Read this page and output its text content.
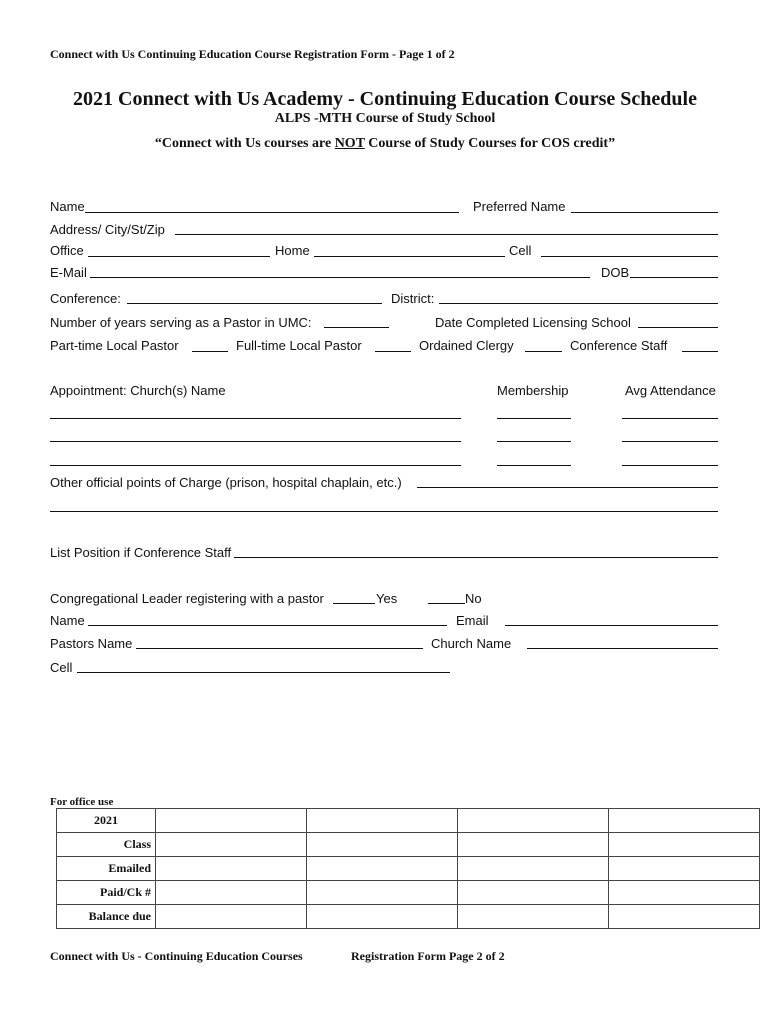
Connect with Us Continuing Education Course Registration Form - Page 1 of 2
2021 Connect with Us Academy - Continuing Education Course Schedule
ALPS -MTH Course of Study School
“Connect with Us courses are NOT Course of Study Courses for COS credit”
Name	Preferred Name
Address/ City/St/Zip
Office	Home	Cell
E-Mail	DOB
Conference:	District:
Number of years serving as a Pastor in UMC:	Date Completed Licensing School
Part-time Local Pastor	Full-time Local Pastor	Ordained Clergy	Conference Staff
Appointment: Church(s) Name	Membership	Avg Attendance
Other official points of Charge (prison, hospital chaplain, etc.)
List Position if Conference Staff
Congregational Leader registering with a pastor	Yes	No
Name	Email
Pastors Name	Church Name
Cell
For office use
2021				
Class				
Emailed				
Paid/Ck #				
Balance due				
Connect with Us - Continuing Education Courses	Registration Form Page 2 of 2
